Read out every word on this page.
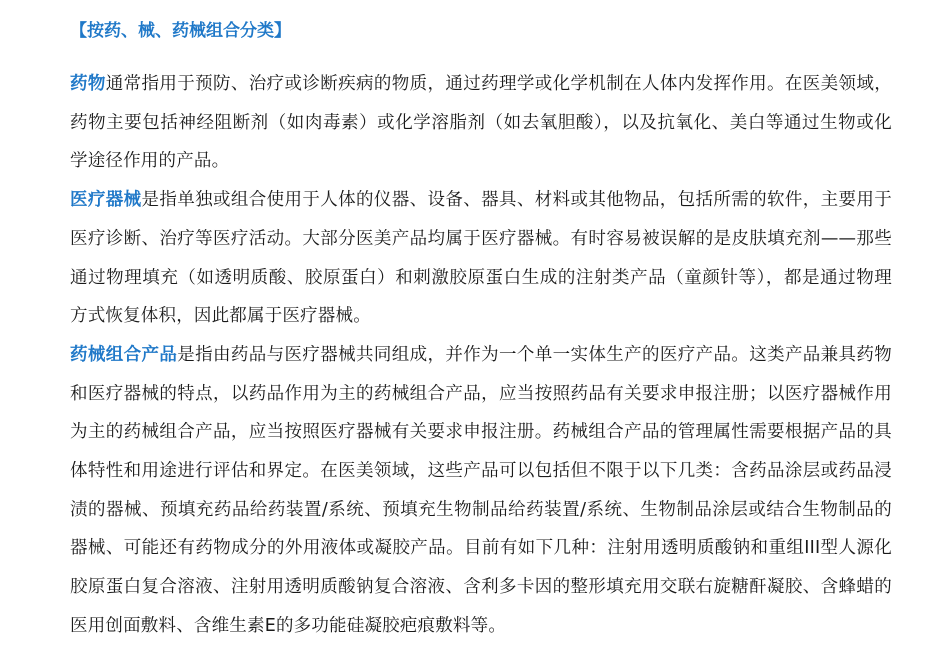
【按药、械、药械组合分类】

药物通常指用于预防、治疗或诊断疾病的物质，通过药理学或化学机制在人体内发挥作用。在医美领域，药物主要包括神经阻断剂（如肉毒素）或化学溶脂剂（如去氧胆酸），以及抗氧化、美白等通过生物或化学途径作用的产品。

医疗器械是指单独或组合使用于人体的仪器、设备、器具、材料或其他物品，包括所需的软件，主要用于医疗诊断、治疗等医疗活动。大部分医美产品均属于医疗器械。有时容易被误解的是皮肤填充剂——那些通过物理填充（如透明质酸、胶原蛋白）和刺激胶原蛋白生成的注射类产品（童颜针等），都是通过物理方式恢复体积，因此都属于医疗器械。

药械组合产品是指由药品与医疗器械共同组成，并作为一个单一实体生产的医疗产品。这类产品兼具药物和医疗器械的特点，以药品作用为主的药械组合产品，应当按照药品有关要求申报注册；以医疗器械作用为主的药械组合产品，应当按照医疗器械有关要求申报注册。药械组合产品的管理属性需要根据产品的具体特性和用途进行评估和界定。在医美领域，这些产品可以包括但不限于以下几类：含药品涂层或药品浸渍的器械、预填充药品给药装置/系统、预填充生物制品给药装置/系统、生物制品涂层或结合生物制品的器械、可能还有药物成分的外用液体或凝胶产品。目前有如下几种：注射用透明质酸钠和重组III型人源化胶原蛋白复合溶液、注射用透明质酸钠复合溶液、含利多卡因的整形填充用交联右旋糖酐凝胶、含蜂蜡的医用创面敷料、含维生素E的多功能硅凝胶疤痕敷料等。
